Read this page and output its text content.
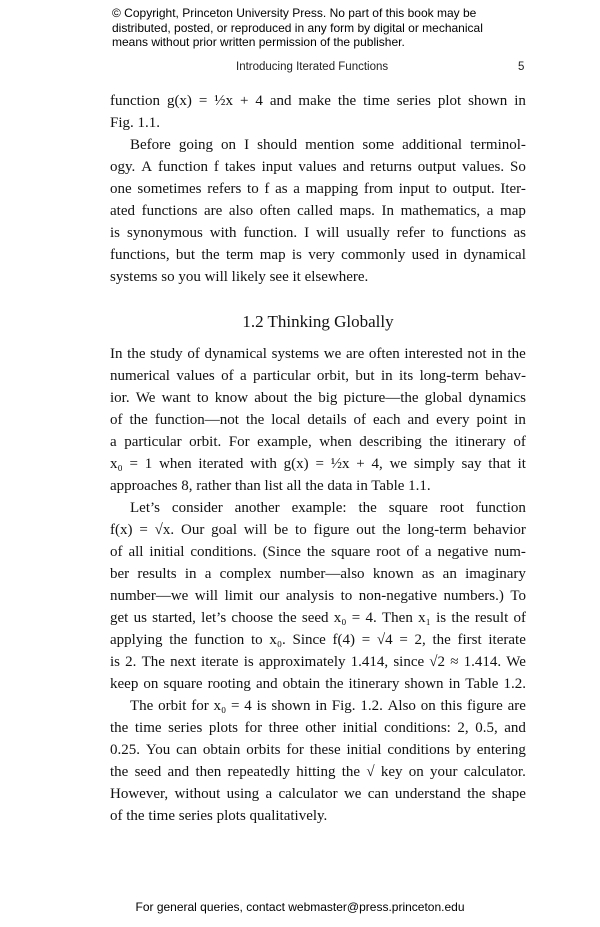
© Copyright, Princeton University Press. No part of this book may be
distributed, posted, or reproduced in any form by digital or mechanical
means without prior written permission of the publisher.
Introducing Iterated Functions	5
function g(x) = ½x + 4 and make the time series plot shown in
Fig. 1.1.
Before going on I should mention some additional terminol-
ogy. A function f takes input values and returns output values. So
one sometimes refers to f as a mapping from input to output. Iter-
ated functions are also often called maps. In mathematics, a map
is synonymous with function. I will usually refer to functions as
functions, but the term map is very commonly used in dynamical
systems so you will likely see it elsewhere.
1.2 Thinking Globally
In the study of dynamical systems we are often interested not in the
numerical values of a particular orbit, but in its long-term behav-
ior. We want to know about the big picture—the global dynamics
of the function—not the local details of each and every point in
a particular orbit. For example, when describing the itinerary of
x₀ = 1 when iterated with g(x) = ½x + 4, we simply say that it
approaches 8, rather than list all the data in Table 1.1.
Let’s consider another example: the square root function
f(x) = √x. Our goal will be to figure out the long-term behavior
of all initial conditions. (Since the square root of a negative num-
ber results in a complex number—also known as an imaginary
number—we will limit our analysis to non-negative numbers.) To
get us started, let’s choose the seed x₀ = 4. Then x₁ is the result of
applying the function to x₀. Since f(4) = √4 = 2, the first iterate
is 2. The next iterate is approximately 1.414, since √2 ≈ 1.414. We
keep on square rooting and obtain the itinerary shown in Table 1.2.
The orbit for x₀ = 4 is shown in Fig. 1.2. Also on this figure are
the time series plots for three other initial conditions: 2, 0.5, and
0.25. You can obtain orbits for these initial conditions by entering
the seed and then repeatedly hitting the √ key on your calculator.
However, without using a calculator we can understand the shape
of the time series plots qualitatively.
For general queries, contact webmaster@press.princeton.edu
